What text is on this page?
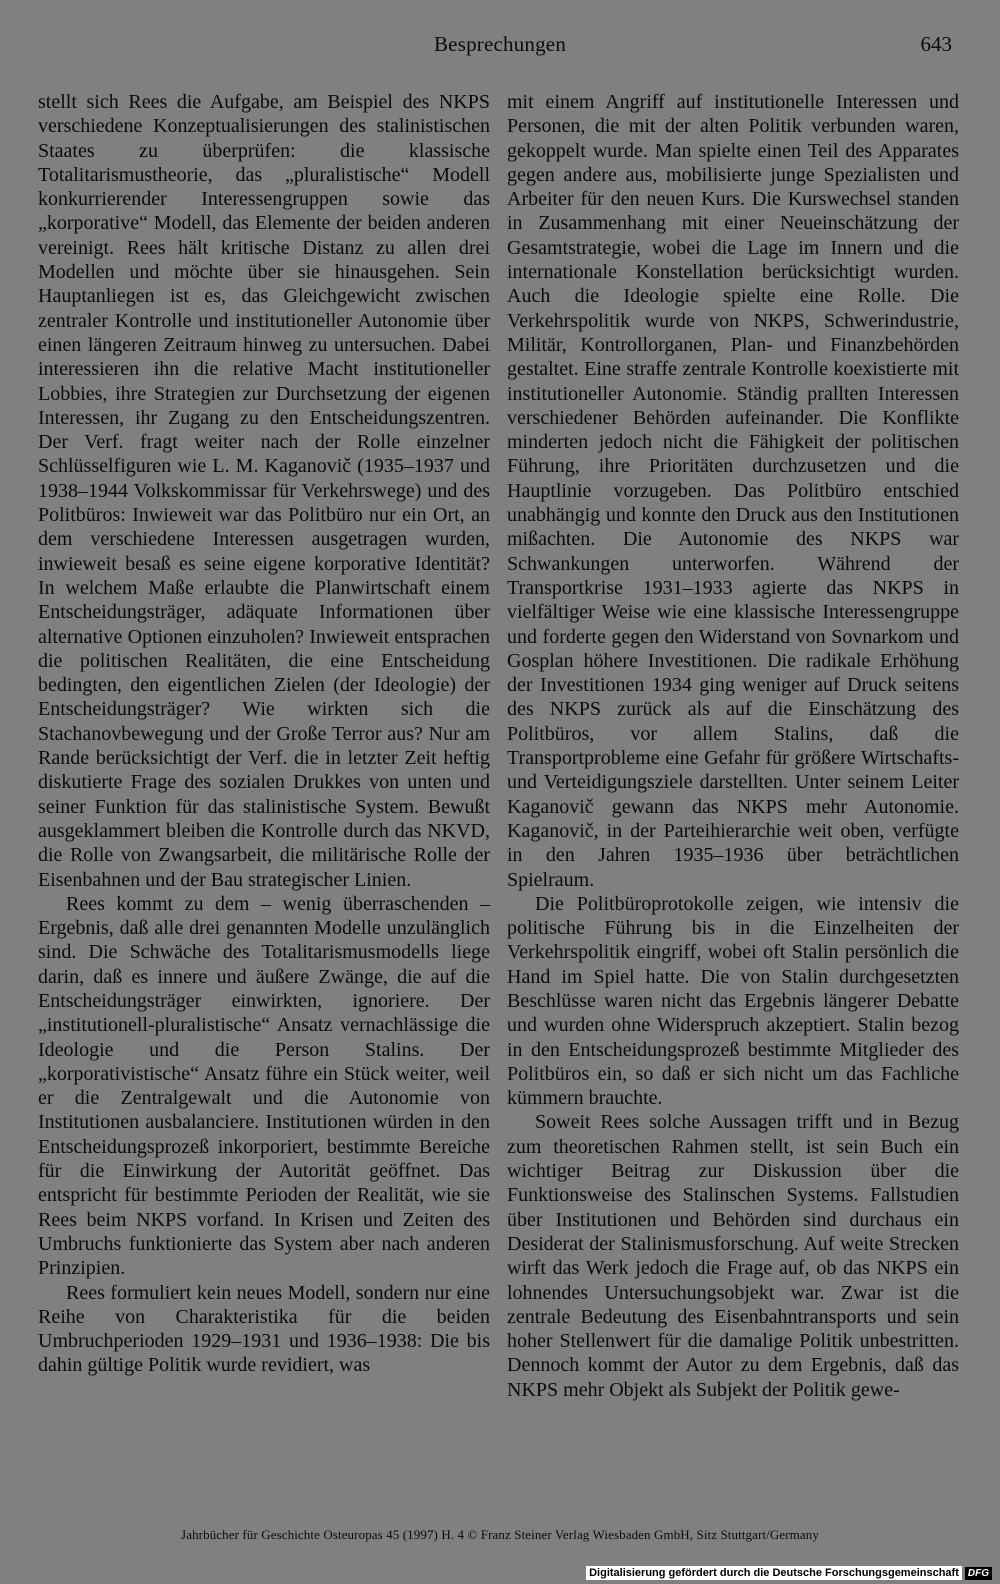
Besprechungen	643

stellt sich Rees die Aufgabe, am Beispiel des NKPS verschiedene Konzeptualisierungen des stalinistischen Staates zu überprüfen: die klassische Totalitarismustheorie, das „pluralistische“ Modell konkurrierender Interessengruppen sowie das „korporative“ Modell, das Elemente der beiden anderen vereinigt. Rees hält kritische Distanz zu allen drei Modellen und möchte über sie hinausgehen. Sein Hauptanliegen ist es, das Gleichgewicht zwischen zentraler Kontrolle und institutioneller Autonomie über einen längeren Zeitraum hinweg zu untersuchen. Dabei interessieren ihn die relative Macht institutioneller Lobbies, ihre Strategien zur Durchsetzung der eigenen Interessen, ihr Zugang zu den Entscheidungszentren. Der Verf. fragt weiter nach der Rolle einzelner Schlüsselfiguren wie L. M. Kaganovič (1935–1937 und 1938–1944 Volkskommissar für Verkehrswege) und des Politbüros: Inwieweit war das Politbüro nur ein Ort, an dem verschiedene Interessen ausgetragen wurden, inwieweit besaß es seine eigene korporative Identität? In welchem Maße erlaubte die Planwirtschaft einem Entscheidungsträger, adäquate Informationen über alternative Optionen einzuholen? Inwieweit entsprachen die politischen Realitäten, die eine Entscheidung bedingten, den eigentlichen Zielen (der Ideologie) der Entscheidungsträger? Wie wirkten sich die Stachanovbewegung und der Große Terror aus? Nur am Rande berücksichtigt der Verf. die in letzter Zeit heftig diskutierte Frage des sozialen Drukkes von unten und seiner Funktion für das stalinistische System. Bewußt ausgeklammert bleiben die Kontrolle durch das NKVD, die Rolle von Zwangsarbeit, die militärische Rolle der Eisenbahnen und der Bau strategischer Linien.

Rees kommt zu dem – wenig überraschenden – Ergebnis, daß alle drei genannten Modelle unzulänglich sind. Die Schwäche des Totalitarismusmodells liege darin, daß es innere und äußere Zwänge, die auf die Entscheidungsträger einwirkten, ignoriere. Der „institutionell-pluralistische“ Ansatz vernachlässige die Ideologie und die Person Stalins. Der „korporativistische“ Ansatz führe ein Stück weiter, weil er die Zentralgewalt und die Autonomie von Institutionen ausbalanciere. Institutionen würden in den Entscheidungsprozeß inkorporiert, bestimmte Bereiche für die Einwirkung der Autorität geöffnet. Das entspricht für bestimmte Perioden der Realität, wie sie Rees beim NKPS vorfand. In Krisen und Zeiten des Umbruchs funktionierte das System aber nach anderen Prinzipien.

Rees formuliert kein neues Modell, sondern nur eine Reihe von Charakteristika für die beiden Umbruchperioden 1929–1931 und 1936–1938: Die bis dahin gültige Politik wurde revidiert, was

mit einem Angriff auf institutionelle Interessen und Personen, die mit der alten Politik verbunden waren, gekoppelt wurde. Man spielte einen Teil des Apparates gegen andere aus, mobilisierte junge Spezialisten und Arbeiter für den neuen Kurs. Die Kurswechsel standen in Zusammenhang mit einer Neueinschätzung der Gesamtstrategie, wobei die Lage im Innern und die internationale Konstellation berücksichtigt wurden. Auch die Ideologie spielte eine Rolle. Die Verkehrspolitik wurde von NKPS, Schwerindustrie, Militär, Kontrollorganen, Plan- und Finanzbehörden gestaltet. Eine straffe zentrale Kontrolle koexistierte mit institutioneller Autonomie. Ständig prallten Interessen verschiedener Behörden aufeinander. Die Konflikte minderten jedoch nicht die Fähigkeit der politischen Führung, ihre Prioritäten durchzusetzen und die Hauptlinie vorzugeben. Das Politbüro entschied unabhängig und konnte den Druck aus den Institutionen mißachten. Die Autonomie des NKPS war Schwankungen unterworfen. Während der Transportkrise 1931–1933 agierte das NKPS in vielfältiger Weise wie eine klassische Interessengruppe und forderte gegen den Widerstand von Sovnarkom und Gosplan höhere Investitionen. Die radikale Erhöhung der Investitionen 1934 ging weniger auf Druck seitens des NKPS zurück als auf die Einschätzung des Politbüros, vor allem Stalins, daß die Transportprobleme eine Gefahr für größere Wirtschafts- und Verteidigungsziele darstellten. Unter seinem Leiter Kaganovič gewann das NKPS mehr Autonomie. Kaganovič, in der Parteihierarchie weit oben, verfügte in den Jahren 1935–1936 über beträchtlichen Spielraum.

Die Politbüroprotokolle zeigen, wie intensiv die politische Führung bis in die Einzelheiten der Verkehrspolitik eingriff, wobei oft Stalin persönlich die Hand im Spiel hatte. Die von Stalin durchgesetzten Beschlüsse waren nicht das Ergebnis längerer Debatte und wurden ohne Widerspruch akzeptiert. Stalin bezog in den Entscheidungsprozeß bestimmte Mitglieder des Politbüros ein, so daß er sich nicht um das Fachliche kümmern brauchte.

Soweit Rees solche Aussagen trifft und in Bezug zum theoretischen Rahmen stellt, ist sein Buch ein wichtiger Beitrag zur Diskussion über die Funktionsweise des Stalinschen Systems. Fallstudien über Institutionen und Behörden sind durchaus ein Desiderat der Stalinismusforschung. Auf weite Strecken wirft das Werk jedoch die Frage auf, ob das NKPS ein lohnendes Untersuchungsobjekt war. Zwar ist die zentrale Bedeutung des Eisenbahntransports und sein hoher Stellenwert für die damalige Politik unbestritten. Dennoch kommt der Autor zu dem Ergebnis, daß das NKPS mehr Objekt als Subjekt der Politik gewe-

Jahrbücher für Geschichte Osteuropas 45 (1997) H. 4 © Franz Steiner Verlag Wiesbaden GmbH, Sitz Stuttgart/Germany
Digitalisierung gefördert durch die Deutsche Forschungsgemeinschaft DFG
